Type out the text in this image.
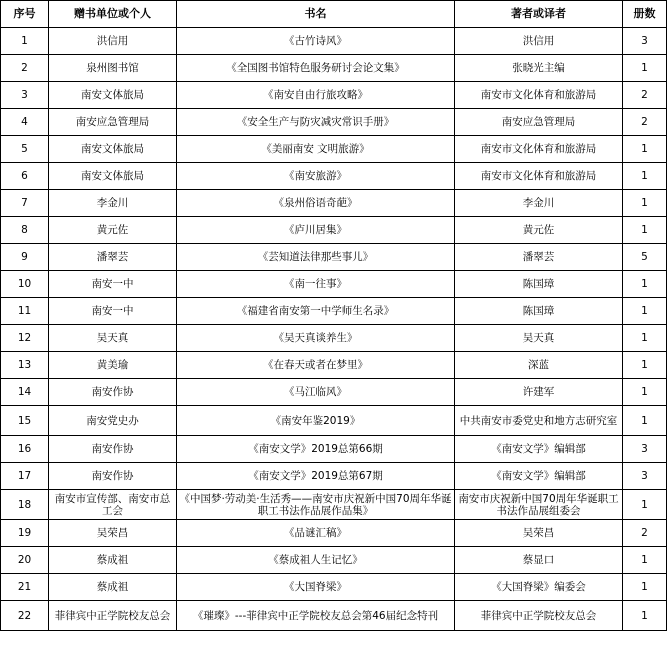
序号	赠书单位或个人	书名	著者或译者	册数
1	洪信用	《古竹诗风》	洪信用	3
2	泉州图书馆	《全国图书馆特色服务研讨会论文集》	张晓光主编	1
3	南安文体旅局	《南安自由行旅攻略》	南安市文化体育和旅游局	2
4	南安应急管理局	《安全生产与防灾减灾常识手册》	南安应急管理局	2
5	南安文体旅局	《美丽南安 文明旅游》	南安市文化体育和旅游局	1
6	南安文体旅局	《南安旅游》	南安市文化体育和旅游局	1
7	李金川	《泉州俗语奇葩》	李金川	1
8	黄元佐	《庐川居集》	黄元佐	1
9	潘翠芸	《芸知道法律那些事儿》	潘翠芸	5
10	南安一中	《南一往事》	陈国璋	1
11	南安一中	《福建省南安第一中学师生名录》	陈国璋	1
12	吴天真	《吴天真谈养生》	吴天真	1
13	黄美瑜	《在春天或者在梦里》	深蓝	1
14	南安作协	《马江临风》	许建军	1
15	南安党史办	《南安年鉴2019》	中共南安市委党史和地方志研究室	1
16	南安作协	《南安文学》2019总第66期	《南安文学》编辑部	3
17	南安作协	《南安文学》2019总第67期	《南安文学》编辑部	3
18	南安市宣传部、南安市总工会	《中国梦·劳动美·生活秀——南安市庆祝新中国70周年华诞职工书法作品展作品集》	南安市庆祝新中国70周年华诞职工书法作品展组委会	1
19	吴荣昌	《品谜汇稿》	吴荣昌	2
20	蔡成祖	《蔡成祖人生记忆》	蔡显口	1
21	蔡成祖	《大国脊梁》	《大国脊梁》编委会	1
22	菲律宾中正学院校友总会	《璀璨》---菲律宾中正学院校友总会第46届纪念特刊	菲律宾中正学院校友总会	1
